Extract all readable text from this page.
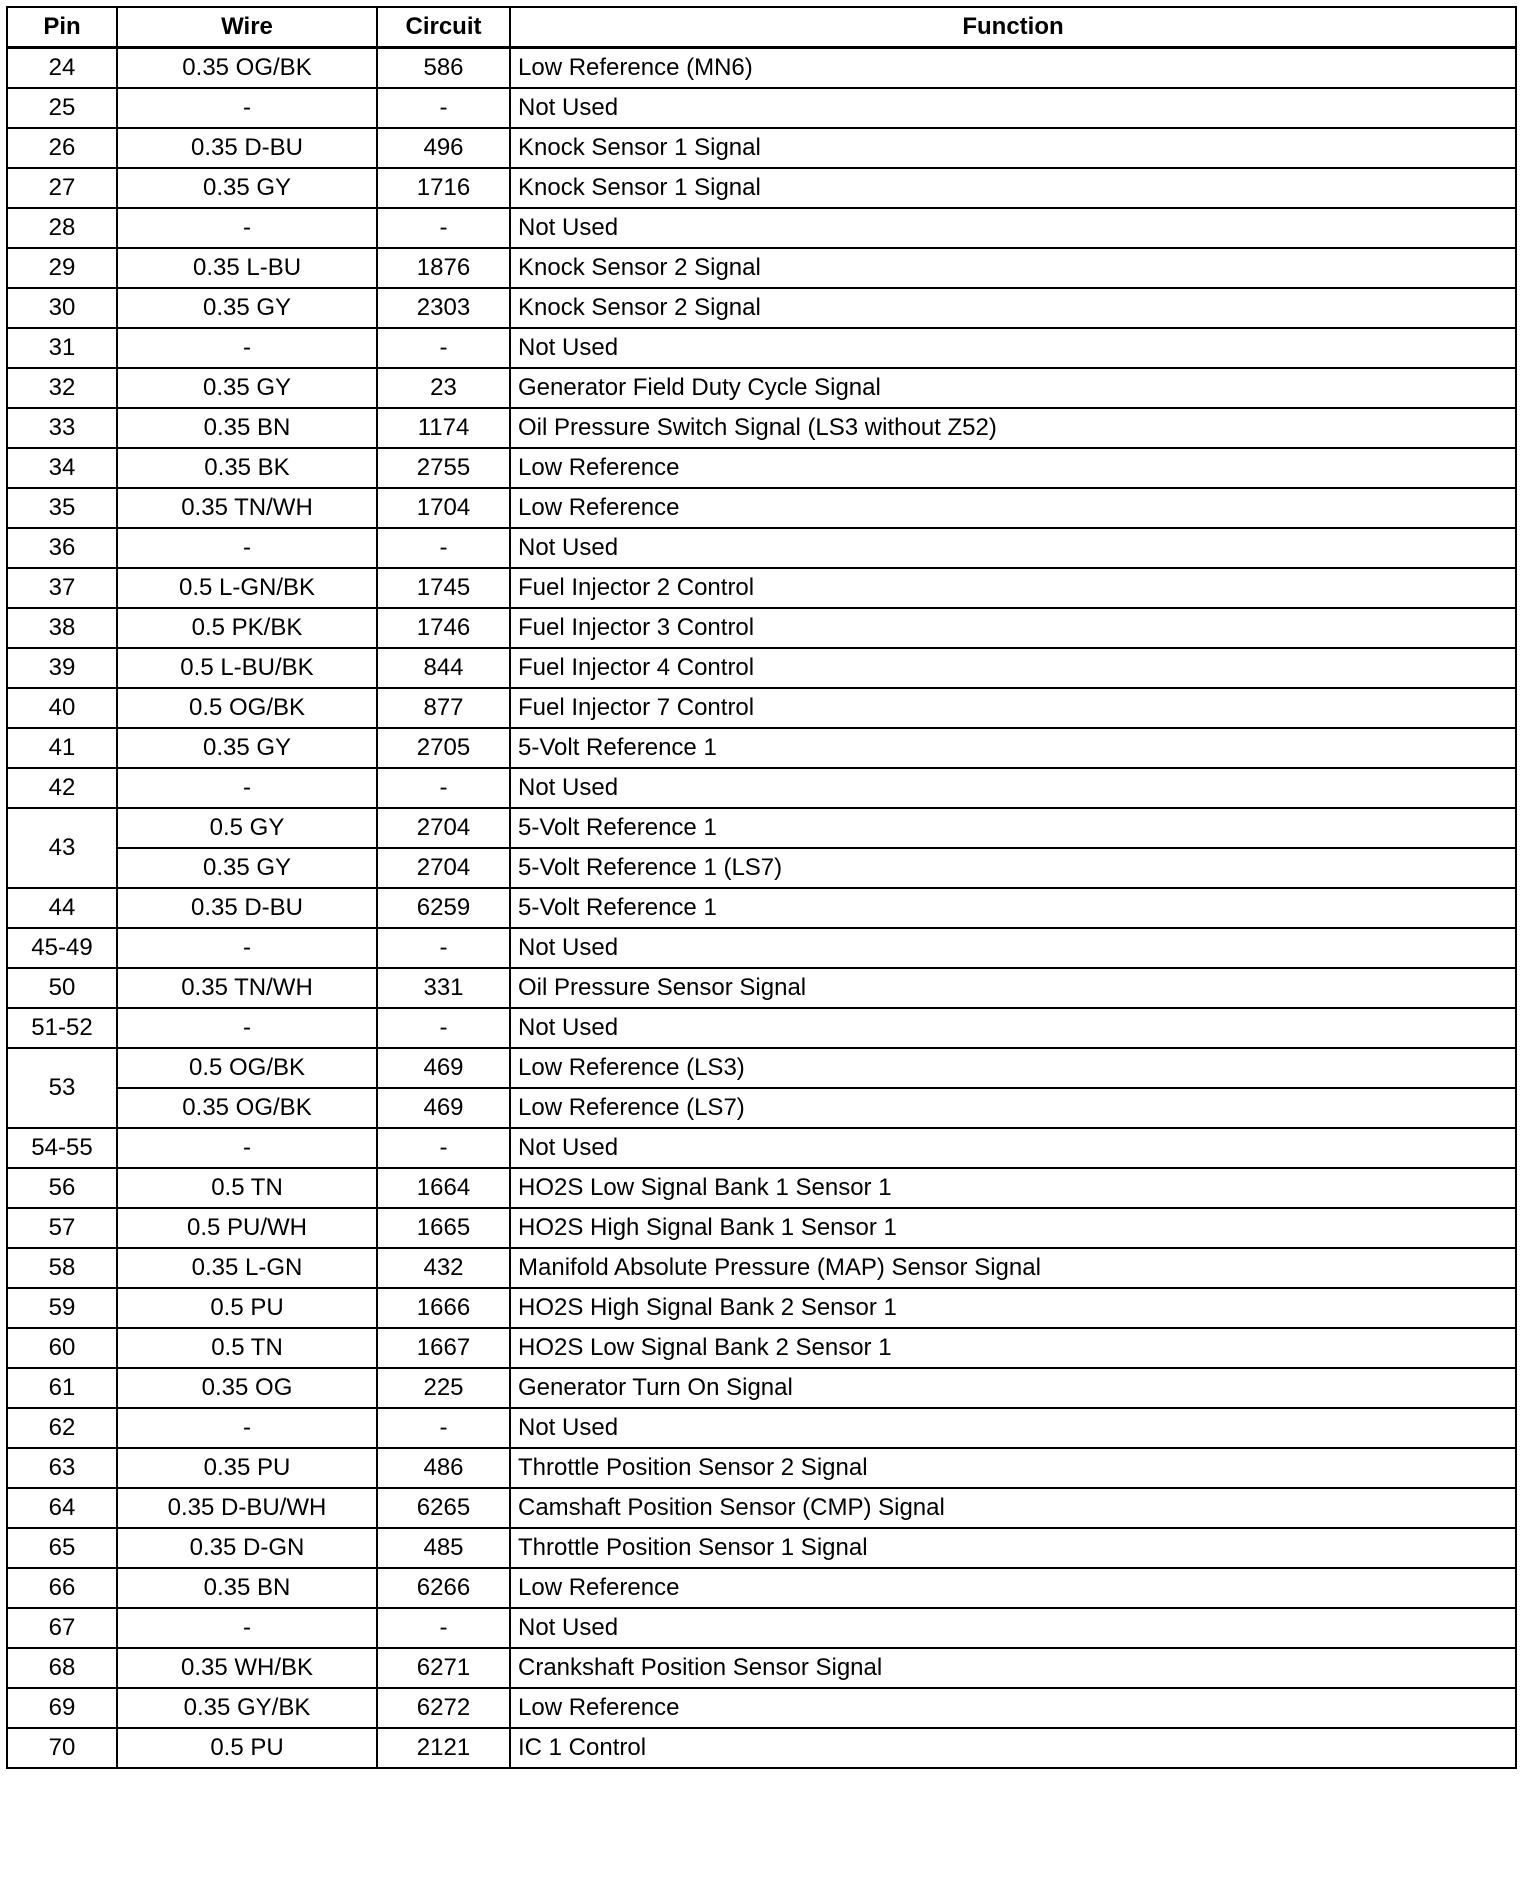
Pin	Wire	Circuit	Function
24	0.35 OG/BK	586	Low Reference (MN6)
25	-	-	Not Used
26	0.35 D-BU	496	Knock Sensor 1 Signal
27	0.35 GY	1716	Knock Sensor 1 Signal
28	-	-	Not Used
29	0.35 L-BU	1876	Knock Sensor 2 Signal
30	0.35 GY	2303	Knock Sensor 2 Signal
31	-	-	Not Used
32	0.35 GY	23	Generator Field Duty Cycle Signal
33	0.35 BN	1174	Oil Pressure Switch Signal (LS3 without Z52)
34	0.35 BK	2755	Low Reference
35	0.35 TN/WH	1704	Low Reference
36	-	-	Not Used
37	0.5 L-GN/BK	1745	Fuel Injector 2 Control
38	0.5 PK/BK	1746	Fuel Injector 3 Control
39	0.5 L-BU/BK	844	Fuel Injector 4 Control
40	0.5 OG/BK	877	Fuel Injector 7 Control
41	0.35 GY	2705	5-Volt Reference 1
42	-	-	Not Used
43	0.5 GY	2704	5-Volt Reference 1
	0.35 GY	2704	5-Volt Reference 1 (LS7)
44	0.35 D-BU	6259	5-Volt Reference 1
45-49	-	-	Not Used
50	0.35 TN/WH	331	Oil Pressure Sensor Signal
51-52	-	-	Not Used
53	0.5 OG/BK	469	Low Reference (LS3)
	0.35 OG/BK	469	Low Reference (LS7)
54-55	-	-	Not Used
56	0.5 TN	1664	HO2S Low Signal Bank 1 Sensor 1
57	0.5 PU/WH	1665	HO2S High Signal Bank 1 Sensor 1
58	0.35 L-GN	432	Manifold Absolute Pressure (MAP) Sensor Signal
59	0.5 PU	1666	HO2S High Signal Bank 2 Sensor 1
60	0.5 TN	1667	HO2S Low Signal Bank 2 Sensor 1
61	0.35 OG	225	Generator Turn On Signal
62	-	-	Not Used
63	0.35 PU	486	Throttle Position Sensor 2 Signal
64	0.35 D-BU/WH	6265	Camshaft Position Sensor (CMP) Signal
65	0.35 D-GN	485	Throttle Position Sensor 1 Signal
66	0.35 BN	6266	Low Reference
67	-	-	Not Used
68	0.35 WH/BK	6271	Crankshaft Position Sensor Signal
69	0.35 GY/BK	6272	Low Reference
70	0.5 PU	2121	IC 1 Control
